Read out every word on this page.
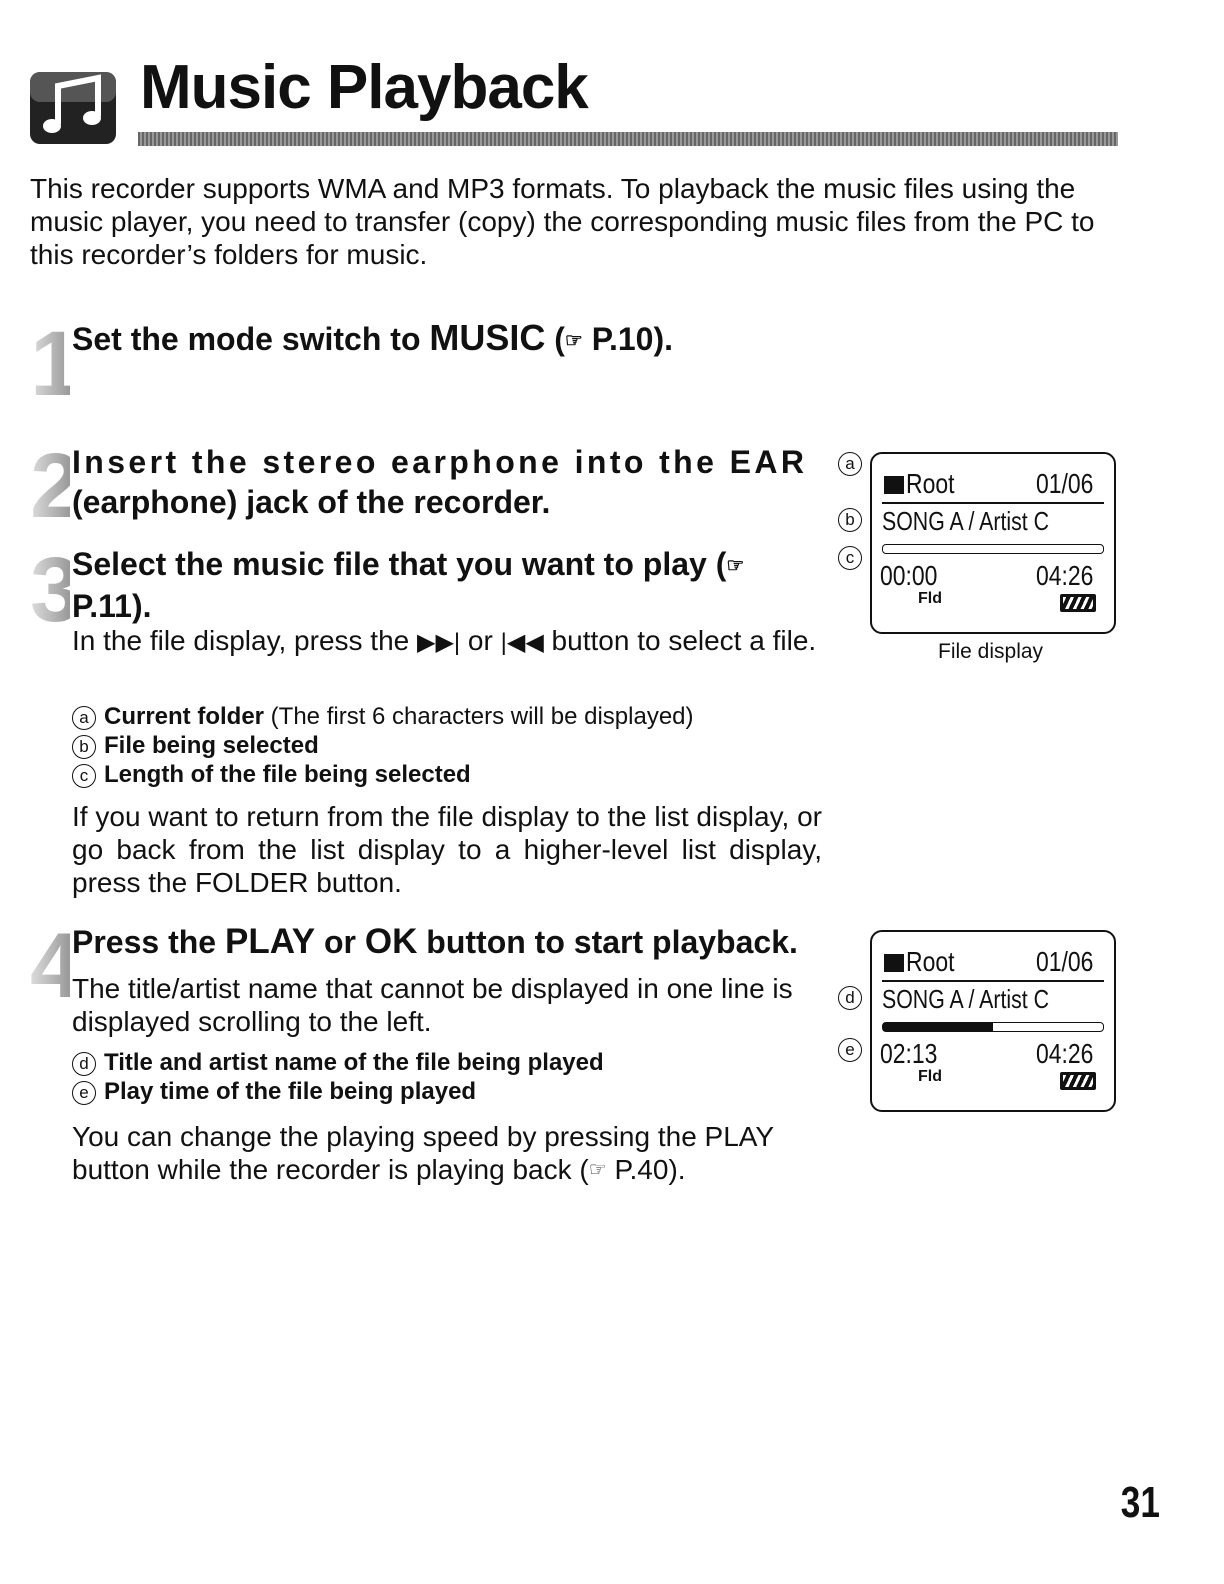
Music Playback
This recorder supports WMA and MP3 formats. To playback the music files using the music player, you need to transfer (copy) the corresponding music files from the PC to this recorder’s folders for music.
1
Set the mode switch to MUSIC (☞ P.10).
2
Insert the stereo earphone into the EAR
(earphone) jack of the recorder.
3
Select the music file that you want to play (☞
P.11).
In the file display, press the ▶▶| or |◀◀ button to select a file.
a Current folder (The first 6 characters will be displayed)
b File being selected
c Length of the file being selected
If you want to return from the file display to the list display, or go back from the list display to a higher-level list display, press the FOLDER button.
4
Press the PLAY or OK button to start playback.
The title/artist name that cannot be displayed in one line is displayed scrolling to the left.
d Title and artist name of the file being played
e Play time of the file being played
You can change the playing speed by pressing the PLAY button while the recorder is playing back (☞ P.40).
Root	01/06
SONG A / Artist C
00:00	04:26
Fld
a
b
c
File display
Root	01/06
SONG A / Artist C
02:13	04:26
Fld
d
e
31
